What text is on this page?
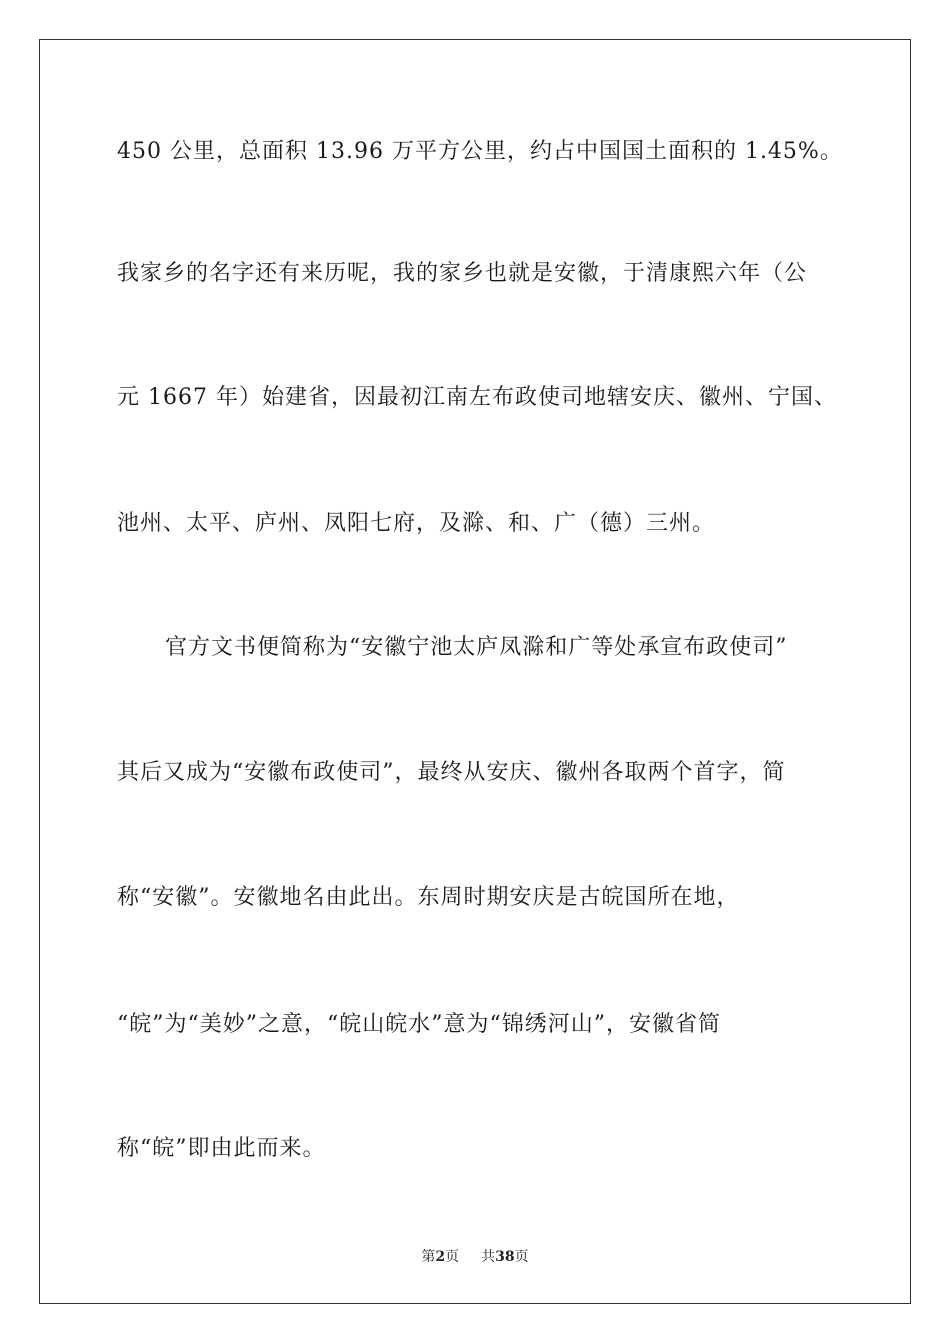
450 公里，总面积 13.96 万平方公里，约占中国国土面积的 1.45%。
我家乡的名字还有来历呢，我的家乡也就是安徽，于清康熙六年（公
元 1667 年）始建省，因最初江南左布政使司地辖安庆、徽州、宁国、
池州、太平、庐州、凤阳七府，及滁、和、广（德）三州。
官方文书便简称为“安徽宁池太庐凤滁和广等处承宣布政使司”
其后又成为“安徽布政使司”，最终从安庆、徽州各取两个首字，简
称“安徽”。安徽地名由此出。东周时期安庆是古皖国所在地，
“皖”为“美妙”之意，“皖山皖水”意为“锦绣河山”，安徽省简
称“皖”即由此而来。
第2页 共38页
